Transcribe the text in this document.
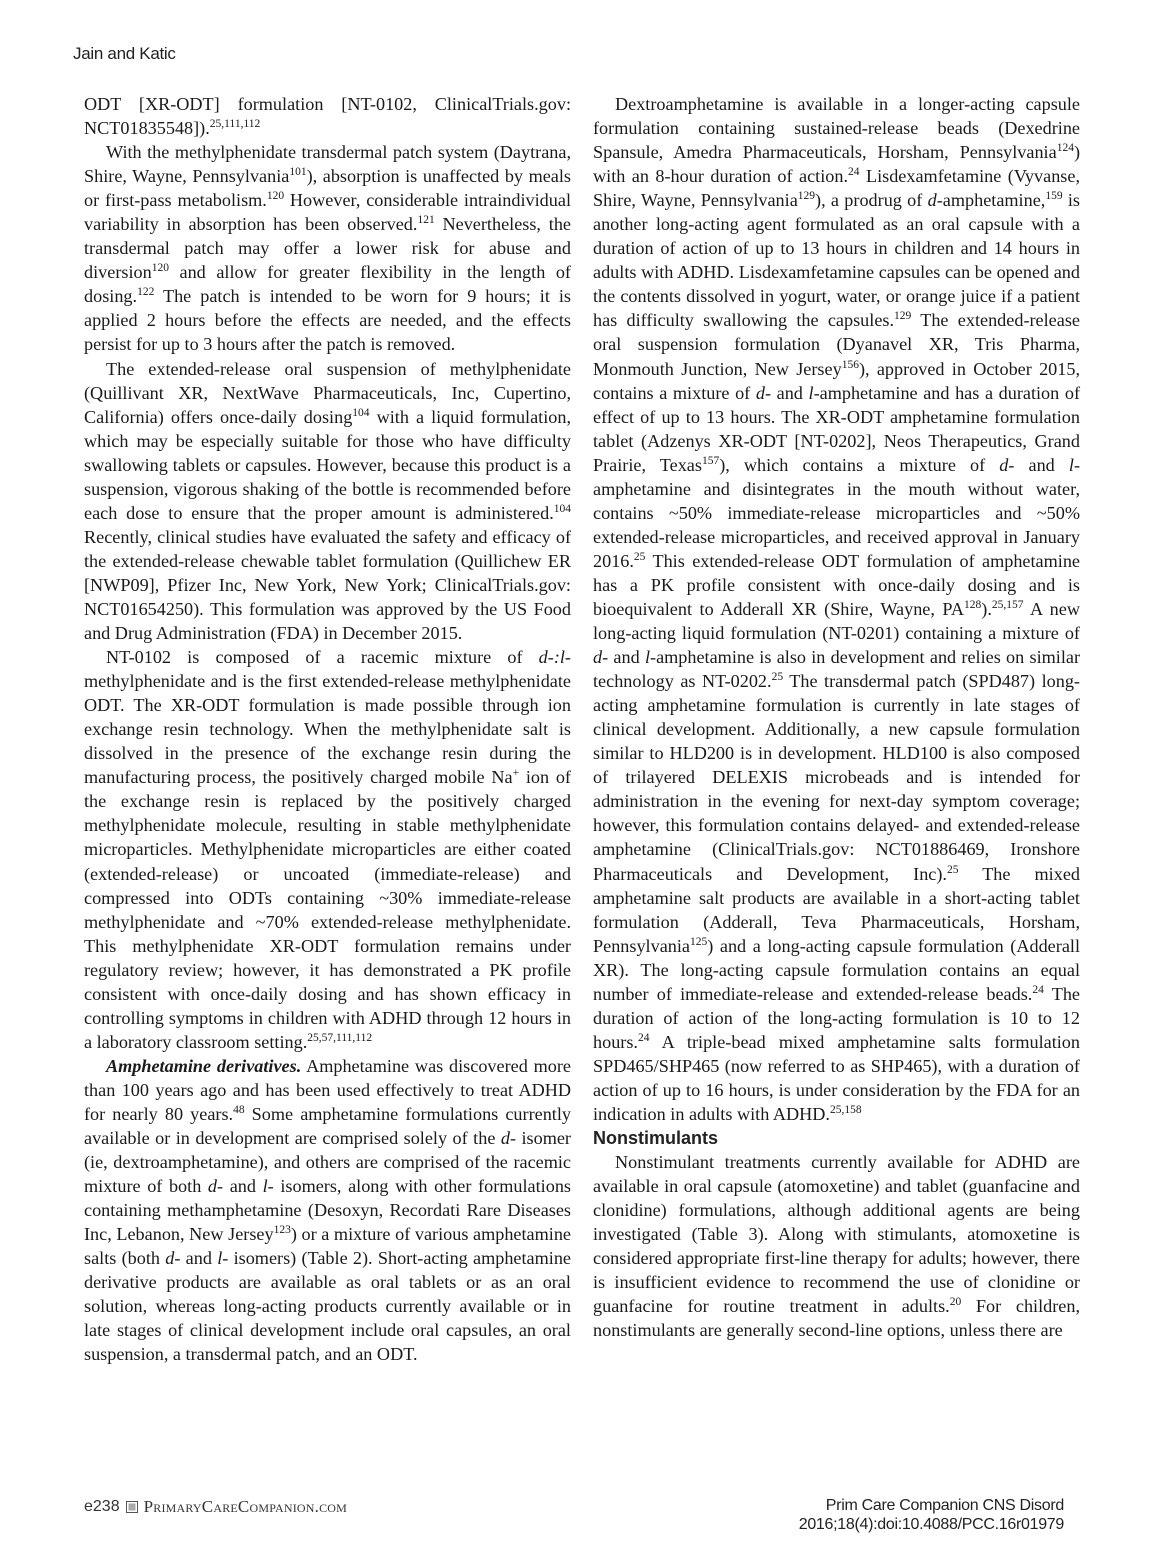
Jain and Katic

ODT [XR-ODT] formulation [NT-0102, ClinicalTrials.gov: NCT01835548]).$^{25,111,112}$

With the methylphenidate transdermal patch system (Daytrana, Shire, Wayne, Pennsylvania$^{101}$), absorption is unaffected by meals or first-pass metabolism.$^{120}$ However, considerable intraindividual variability in absorption has been observed.$^{121}$ Nevertheless, the transdermal patch may offer a lower risk for abuse and diversion$^{120}$ and allow for greater flexibility in the length of dosing.$^{122}$ The patch is intended to be worn for 9 hours; it is applied 2 hours before the effects are needed, and the effects persist for up to 3 hours after the patch is removed.

The extended-release oral suspension of methylphenidate (Quillivant XR, NextWave Pharmaceuticals, Inc, Cupertino, California) offers once-daily dosing$^{104}$ with a liquid formulation, which may be especially suitable for those who have difficulty swallowing tablets or capsules. However, because this product is a suspension, vigorous shaking of the bottle is recommended before each dose to ensure that the proper amount is administered.$^{104}$ Recently, clinical studies have evaluated the safety and efficacy of the extended-release chewable tablet formulation (Quillichew ER [NWP09], Pfizer Inc, New York, New York; ClinicalTrials.gov: NCT01654250). This formulation was approved by the US Food and Drug Administration (FDA) in December 2015.

NT-0102 is composed of a racemic mixture of d-:l- methylphenidate and is the first extended-release methylphenidate ODT. The XR-ODT formulation is made possible through ion exchange resin technology. When the methylphenidate salt is dissolved in the presence of the exchange resin during the manufacturing process, the positively charged mobile Na+ ion of the exchange resin is replaced by the positively charged methylphenidate molecule, resulting in stable methylphenidate microparticles. Methylphenidate microparticles are either coated (extended-release) or uncoated (immediate-release) and compressed into ODTs containing ~30% immediate-release methylphenidate and ~70% extended-release methylphenidate. This methylphenidate XR-ODT formulation remains under regulatory review; however, it has demonstrated a PK profile consistent with once-daily dosing and has shown efficacy in controlling symptoms in children with ADHD through 12 hours in a laboratory classroom setting.$^{25,57,111,112}$

Amphetamine derivatives. Amphetamine was discovered more than 100 years ago and has been used effectively to treat ADHD for nearly 80 years.$^{48}$ Some amphetamine formulations currently available or in development are comprised solely of the d- isomer (ie, dextroamphetamine), and others are comprised of the racemic mixture of both d- and l- isomers, along with other formulations containing methamphetamine (Desoxyn, Recordati Rare Diseases Inc, Lebanon, New Jersey$^{123}$) or a mixture of various amphetamine salts (both d- and l- isomers) (Table 2). Short-acting amphetamine derivative products are available as oral tablets or as an oral solution, whereas long-acting products currently available or in late stages of clinical development include oral capsules, an oral suspension, a transdermal patch, and an ODT.

Dextroamphetamine is available in a longer-acting capsule formulation containing sustained-release beads (Dexedrine Spansule, Amedra Pharmaceuticals, Horsham, Pennsylvania$^{124}$) with an 8-hour duration of action.$^{24}$ Lisdexamfetamine (Vyvanse, Shire, Wayne, Pennsylvania$^{129}$), a prodrug of d-amphetamine,$^{159}$ is another long-acting agent formulated as an oral capsule with a duration of action of up to 13 hours in children and 14 hours in adults with ADHD. Lisdexamfetamine capsules can be opened and the contents dissolved in yogurt, water, or orange juice if a patient has difficulty swallowing the capsules.$^{129}$ The extended-release oral suspension formulation (Dyanavel XR, Tris Pharma, Monmouth Junction, New Jersey$^{156}$), approved in October 2015, contains a mixture of d- and l-amphetamine and has a duration of effect of up to 13 hours. The XR-ODT amphetamine formulation tablet (Adzenys XR-ODT [NT-0202], Neos Therapeutics, Grand Prairie, Texas$^{157}$), which contains a mixture of d- and l-amphetamine and disintegrates in the mouth without water, contains ~50% immediate-release microparticles and ~50% extended-release microparticles, and received approval in January 2016.25 This extended-release ODT formulation of amphetamine has a PK profile consistent with once-daily dosing and is bioequivalent to Adderall XR (Shire, Wayne, PA$^{128}$).$^{25,157}$ A new long-acting liquid formulation (NT-0201) containing a mixture of d- and l-amphetamine is also in development and relies on similar technology as NT-0202.25 The transdermal patch (SPD487) long-acting amphetamine formulation is currently in late stages of clinical development. Additionally, a new capsule formulation similar to HLD200 is in development. HLD100 is also composed of trilayered DELEXIS microbeads and is intended for administration in the evening for next-day symptom coverage; however, this formulation contains delayed- and extended-release amphetamine (ClinicalTrials.gov: NCT01886469, Ironshore Pharmaceuticals and Development, Inc).$^{25}$ The mixed amphetamine salt products are available in a short-acting tablet formulation (Adderall, Teva Pharmaceuticals, Horsham, Pennsylvania$^{125}$) and a long-acting capsule formulation (Adderall XR). The long-acting capsule formulation contains an equal number of immediate-release and extended-release beads.$^{24}$ The duration of action of the long-acting formulation is 10 to 12 hours.$^{24}$ A triple-bead mixed amphetamine salts formulation SPD465/SHP465 (now referred to as SHP465), with a duration of action of up to 16 hours, is under consideration by the FDA for an indication in adults with ADHD.$^{25,158}$

Nonstimulants

Nonstimulant treatments currently available for ADHD are available in oral capsule (atomoxetine) and tablet (guanfacine and clonidine) formulations, although additional agents are being investigated (Table 3). Along with stimulants, atomoxetine is considered appropriate first-line therapy for adults; however, there is insufficient evidence to recommend the use of clonidine or guanfacine for routine treatment in adults.$^{20}$ For children, nonstimulants are generally second-line options, unless there are

e238 PrimaryCareCompanion.com	Prim Care Companion CNS Disord
2016;18(4):doi:10.4088/PCC.16r01979
